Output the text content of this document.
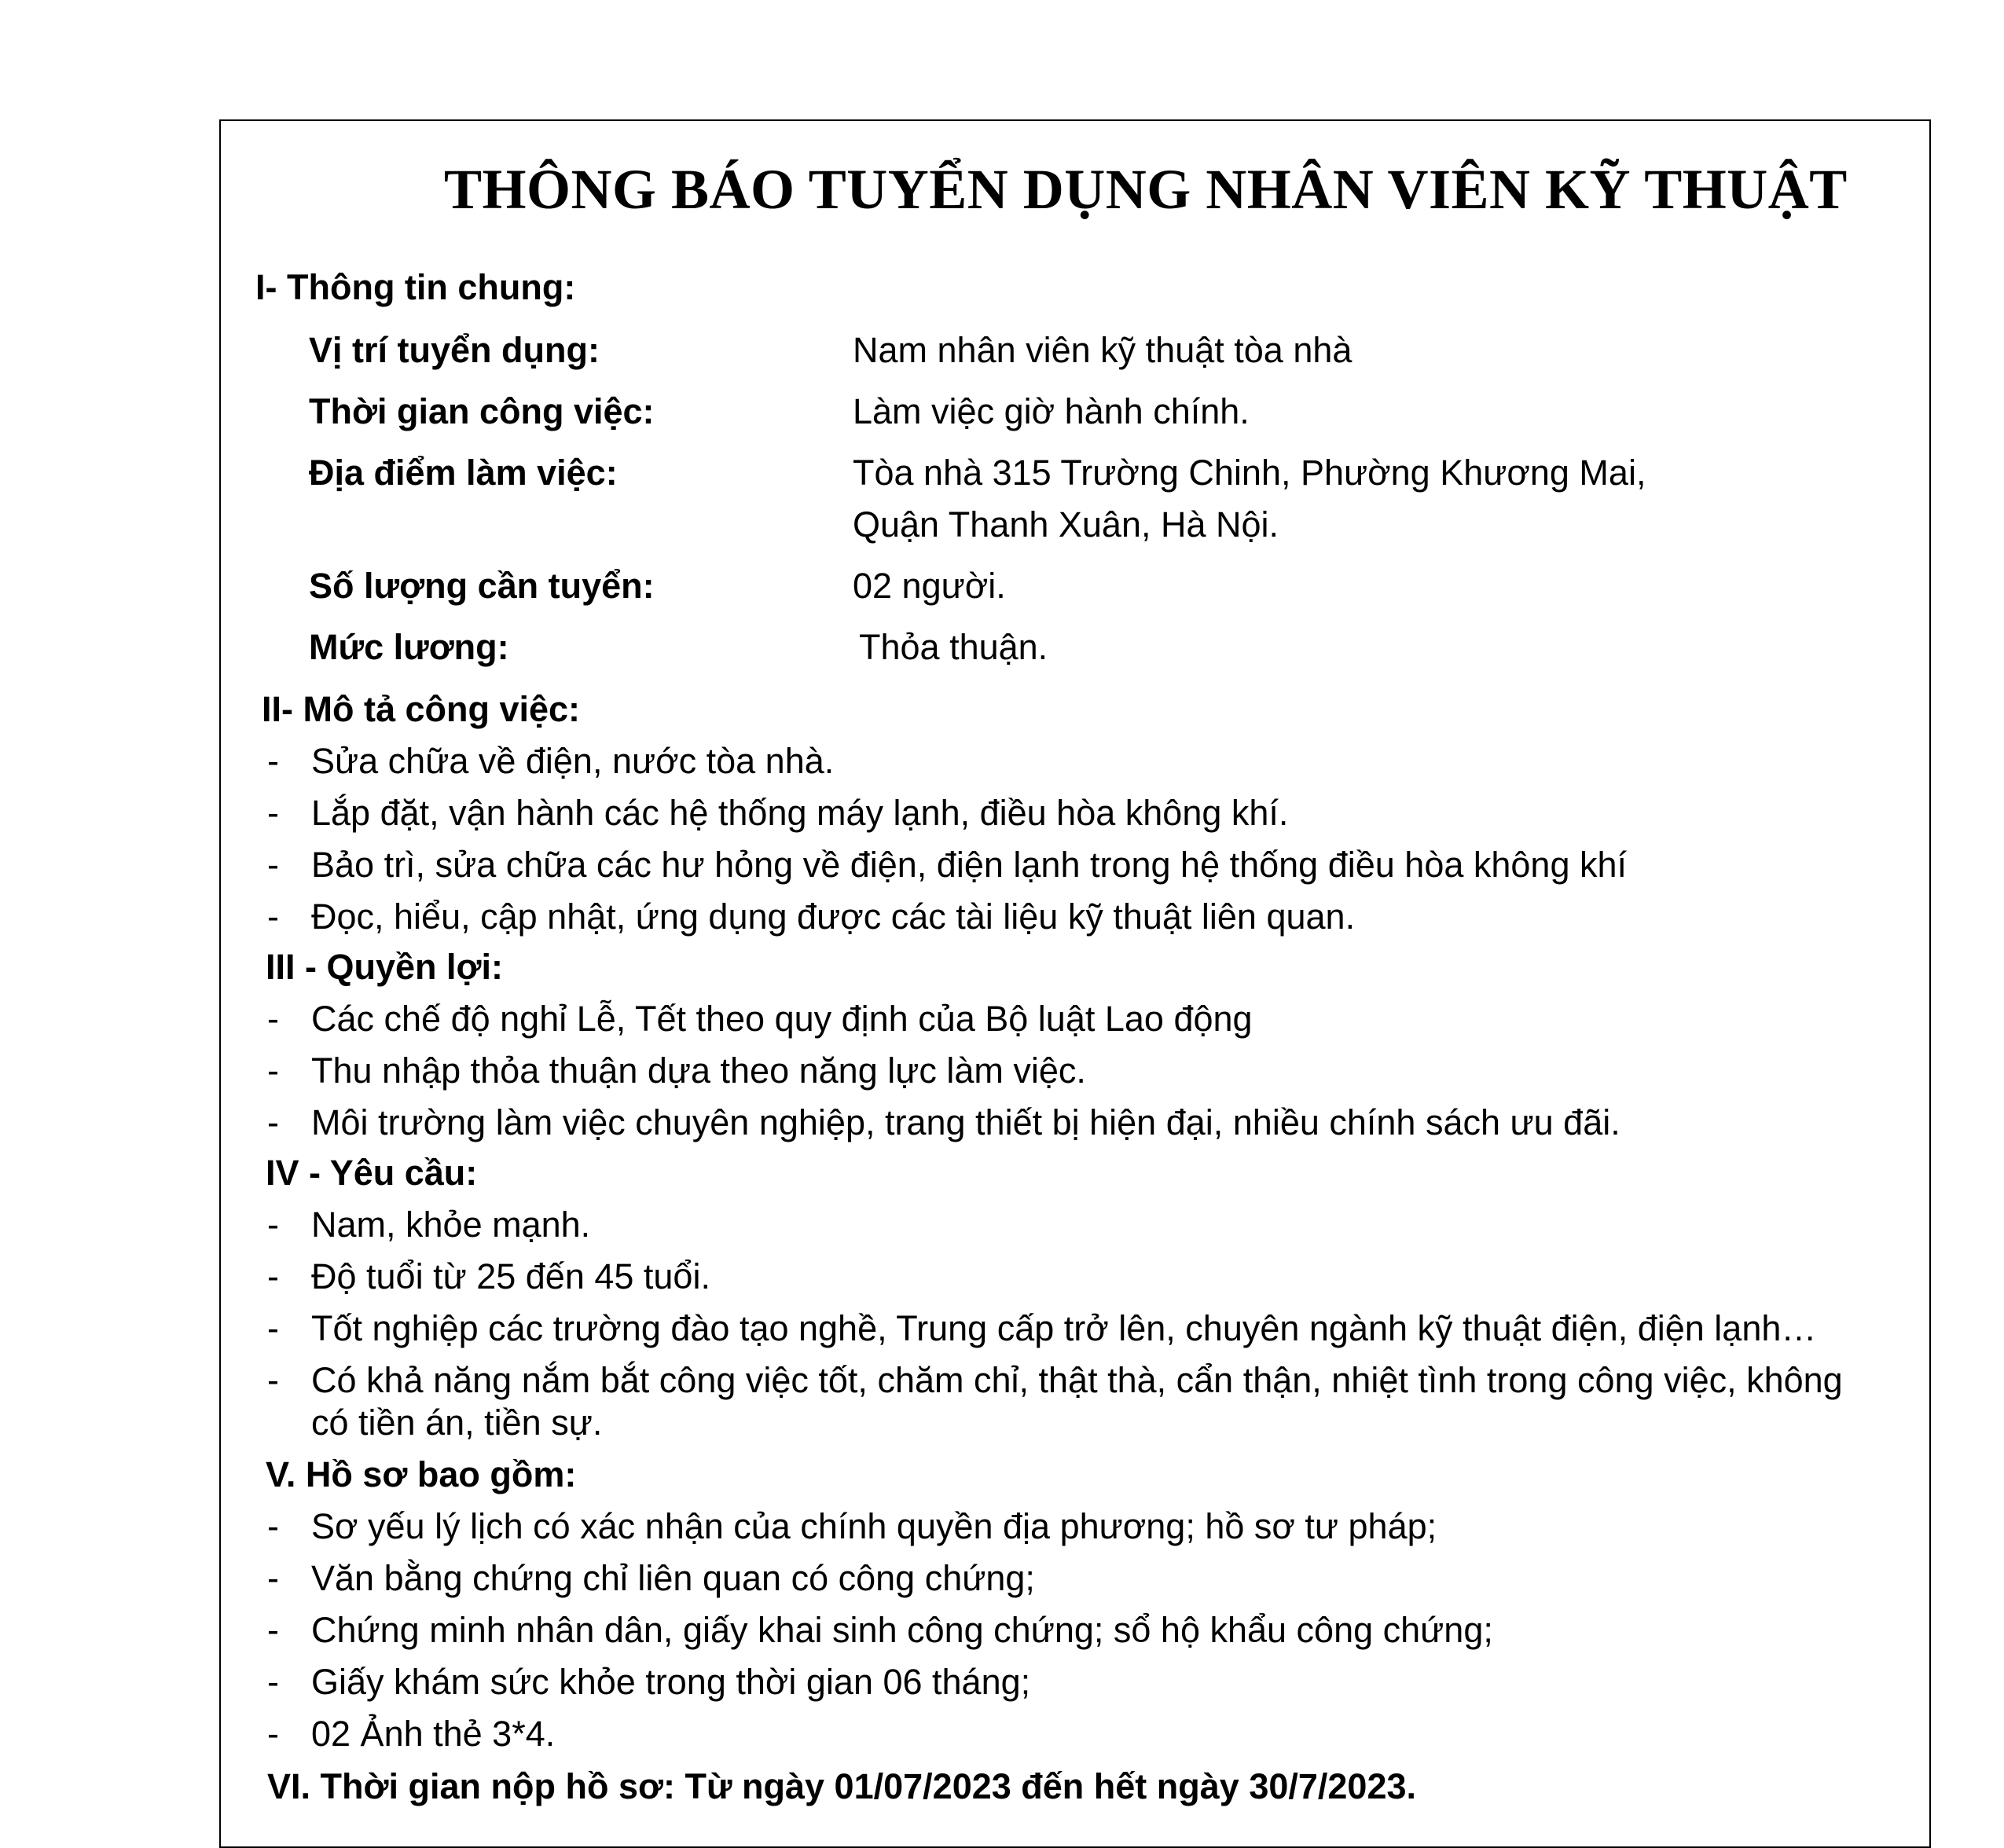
THÔNG BÁO TUYỂN DỤNG NHÂN VIÊN KỸ THUẬT
I- Thông tin chung:
Vị trí tuyển dụng:	Nam nhân viên kỹ thuật tòa nhà
Thời gian công việc:	Làm việc giờ hành chính.
Địa điểm làm việc:	Tòa nhà 315 Trường Chinh, Phường Khương Mai,
Quận Thanh Xuân, Hà Nội.
Số lượng cần tuyển:	02 người.
Mức lương:	Thỏa thuận.
II- Mô tả công việc:
- Sửa chữa về điện, nước tòa nhà.
- Lắp đặt, vận hành các hệ thống máy lạnh, điều hòa không khí.
- Bảo trì, sửa chữa các hư hỏng về điện, điện lạnh trong hệ thống điều hòa không khí
- Đọc, hiểu, cập nhật, ứng dụng được các tài liệu kỹ thuật liên quan.
III - Quyền lợi:
- Các chế độ nghỉ Lễ, Tết theo quy định của Bộ luật Lao động
- Thu nhập thỏa thuận dựa theo năng lực làm việc.
- Môi trường làm việc chuyên nghiệp, trang thiết bị hiện đại, nhiều chính sách ưu đãi.
IV - Yêu cầu:
- Nam, khỏe mạnh.
- Độ tuổi từ 25 đến 45 tuổi.
- Tốt nghiệp các trường đào tạo nghề, Trung cấp trở lên, chuyên ngành kỹ thuật điện, điện lạnh…
- Có khả năng nắm bắt công việc tốt, chăm chỉ, thật thà, cẩn thận, nhiệt tình trong công việc, không
có tiền án, tiền sự.
V. Hồ sơ bao gồm:
- Sơ yếu lý lịch có xác nhận của chính quyền địa phương; hồ sơ tư pháp;
- Văn bằng chứng chỉ liên quan có công chứng;
- Chứng minh nhân dân, giấy khai sinh công chứng; sổ hộ khẩu công chứng;
- Giấy khám sức khỏe trong thời gian 06 tháng;
- 02 Ảnh thẻ 3*4.
VI. Thời gian nộp hồ sơ: Từ ngày 01/07/2023 đến hết ngày 30/7/2023.
